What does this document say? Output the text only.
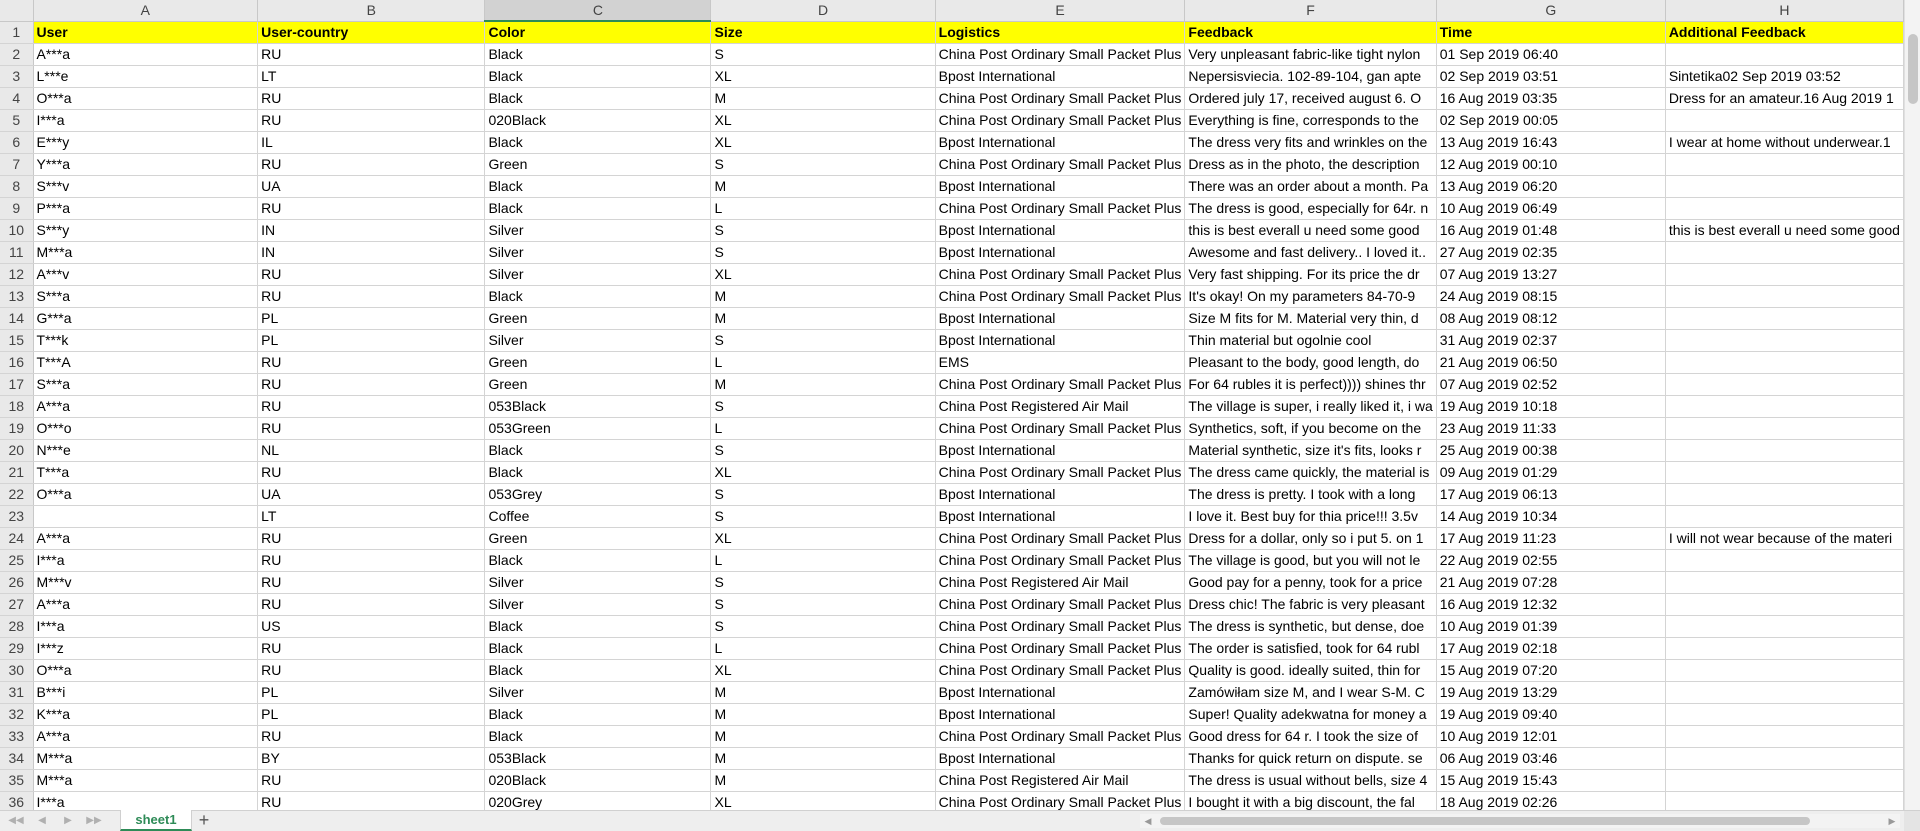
	A	B	C	D	E	F	G	H
1	User	User-country	Color	Size	Logistics	Feedback	Time	Additional Feedback
2	A***a	RU	Black	S	China Post Ordinary Small Packet Plus	Very unpleasant fabric-like tight nylon	01 Sep 2019 06:40	
3	L***e	LT	Black	XL	Bpost International	Nepersisviecia. 102-89-104, gan apte	02 Sep 2019 03:51	Sintetika02 Sep 2019 03:52
4	O***a	RU	Black	M	China Post Ordinary Small Packet Plus	Ordered july 17, received august 6. O	16 Aug 2019 03:35	Dress for an amateur.16 Aug 2019 1
5	I***a	RU	020Black	XL	China Post Ordinary Small Packet Plus	Everything is fine, corresponds to the	02 Sep 2019 00:05	
6	E***y	IL	Black	XL	Bpost International	The dress very fits and wrinkles on the	13 Aug 2019 16:43	I wear at home without underwear.1
7	Y***a	RU	Green	S	China Post Ordinary Small Packet Plus	Dress as in the photo, the description	12 Aug 2019 00:10	
8	S***v	UA	Black	M	Bpost International	There was an order about a month. Pa	13 Aug 2019 06:20	
9	P***a	RU	Black	L	China Post Ordinary Small Packet Plus	The dress is good, especially for 64r. n	10 Aug 2019 06:49	
10	S***y	IN	Silver	S	Bpost International	this is best everall u need some good	16 Aug 2019 01:48	this is best everall u need some good
11	M***a	IN	Silver	S	Bpost International	Awesome and fast delivery.. I loved it..	27 Aug 2019 02:35	
12	A***v	RU	Silver	XL	China Post Ordinary Small Packet Plus	Very fast shipping. For its price the dr	07 Aug 2019 13:27	
13	S***a	RU	Black	M	China Post Ordinary Small Packet Plus	It's okay! On my parameters 84-70-9	24 Aug 2019 08:15	
14	G***a	PL	Green	M	Bpost International	Size M fits for M. Material very thin, d	08 Aug 2019 08:12	
15	T***k	PL	Silver	S	Bpost International	Thin material but ogolnie cool	31 Aug 2019 02:37	
16	T***A	RU	Green	L	EMS	Pleasant to the body, good length, do	21 Aug 2019 06:50	
17	S***a	RU	Green	M	China Post Ordinary Small Packet Plus	For 64 rubles it is perfect)))) shines thr	07 Aug 2019 02:52	
18	A***a	RU	053Black	S	China Post Registered Air Mail	The village is super, i really liked it, i wa	19 Aug 2019 10:18	
19	O***o	RU	053Green	L	China Post Ordinary Small Packet Plus	Synthetics, soft, if you become on the	23 Aug 2019 11:33	
20	N***e	NL	Black	S	Bpost International	Material synthetic, size it's fits, looks r	25 Aug 2019 00:38	
21	T***a	RU	Black	XL	China Post Ordinary Small Packet Plus	The dress came quickly, the material is	09 Aug 2019 01:29	
22	O***a	UA	053Grey	S	Bpost International	The dress is pretty. I took with a long	17 Aug 2019 06:13	
23		LT	Coffee	S	Bpost International	I love it. Best buy for thia price!!! 3.5v	14 Aug 2019 10:34	
24	A***a	RU	Green	XL	China Post Ordinary Small Packet Plus	Dress for a dollar, only so i put 5. on 1	17 Aug 2019 11:23	I will not wear because of the materi
25	I***a	RU	Black	L	China Post Ordinary Small Packet Plus	The village is good, but you will not le	22 Aug 2019 02:55	
26	M***v	RU	Silver	S	China Post Registered Air Mail	Good pay for a penny, took for a price	21 Aug 2019 07:28	
27	A***a	RU	Silver	S	China Post Ordinary Small Packet Plus	Dress chic! The fabric is very pleasant	16 Aug 2019 12:32	
28	I***a	US	Black	S	China Post Ordinary Small Packet Plus	The dress is synthetic, but dense, doe	10 Aug 2019 01:39	
29	I***z	RU	Black	L	China Post Ordinary Small Packet Plus	The order is satisfied, took for 64 rubl	17 Aug 2019 02:18	
30	O***a	RU	Black	XL	China Post Ordinary Small Packet Plus	Quality is good. ideally suited, thin for	15 Aug 2019 07:20	
31	B***i	PL	Silver	M	Bpost International	Zamówiłam size M, and I wear S-M. C	19 Aug 2019 13:29	
32	K***a	PL	Black	M	Bpost International	Super! Quality adekwatna for money a	19 Aug 2019 09:40	
33	A***a	RU	Black	M	China Post Ordinary Small Packet Plus	Good dress for 64 r. I took the size of	10 Aug 2019 12:01	
34	M***a	BY	053Black	M	Bpost International	Thanks for quick return on dispute. se	06 Aug 2019 03:46	
35	M***a	RU	020Black	M	China Post Registered Air Mail	The dress is usual without bells, size 4	15 Aug 2019 15:43	
36	I***a	RU	020Grey	XL	China Post Ordinary Small Packet Plus	I bought it with a big discount, the fal	18 Aug 2019 02:26	
◀◀	◀	▶	▶▶	sheet1	+	◀	▶
